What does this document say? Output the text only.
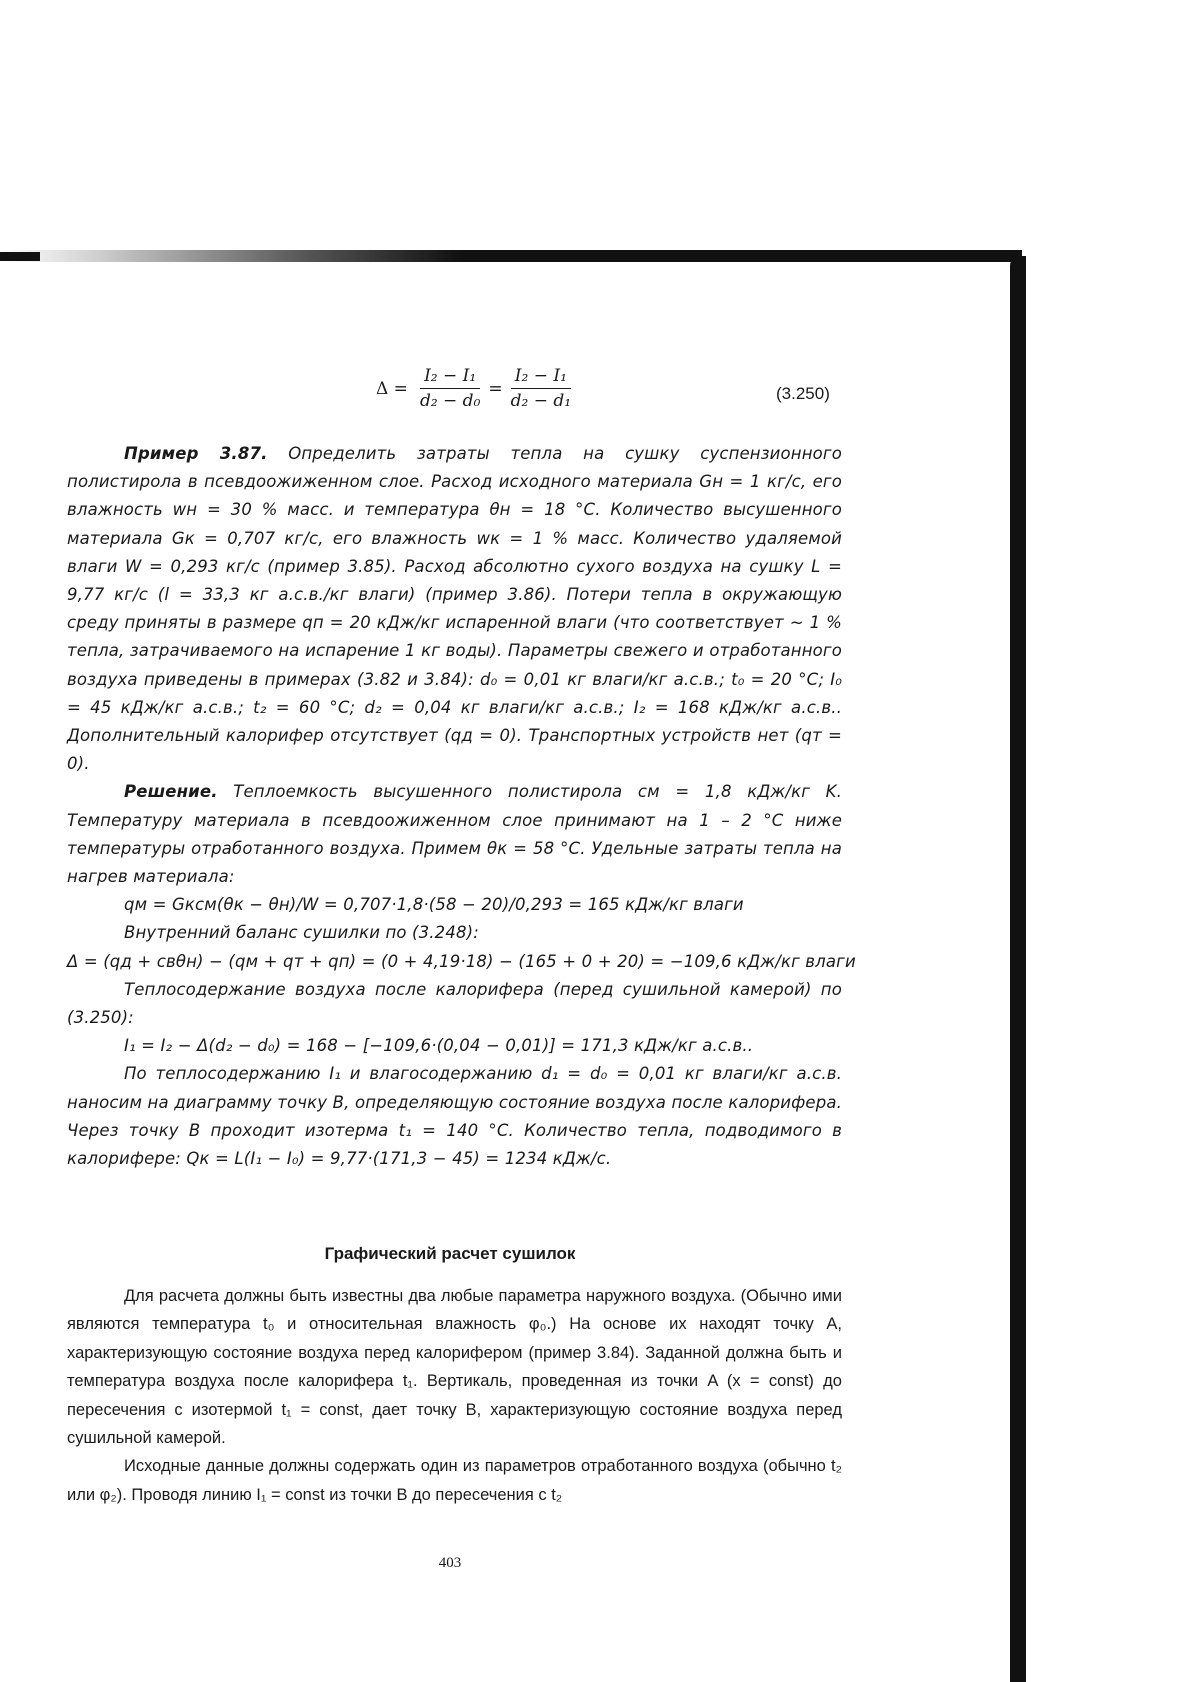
$\Delta = \frac{\text{I₂ − I₁}}{\text{d₂ − d₀}} = \frac{\text{I₂ − I₁}}{\text{d₂ − d₁}}$	(3.250)

Пример 3.87. Определить затраты тепла на сушку суспензионного полистирола в псевдоожиженном слое. Расход исходного материала Gн = 1 кг/с, его влажность wн = 30 % масс. и температура θн = 18 °С. Количество высушенного материала Gк = 0,707 кг/с, его влажность wк = 1 % масс. Количество удаляемой влаги W = 0,293 кг/с (пример 3.85). Расход абсолютно сухого воздуха на сушку L = 9,77 кг/с (l = 33,3 кг а.с.в./кг влаги) (пример 3.86). Потери тепла в окружающую среду приняты в размере qп = 20 кДж/кг испаренной влаги (что соответствует ~ 1 % тепла, затрачиваемого на испарение 1 кг воды). Параметры свежего и отработанного воздуха приведены в примерах (3.82 и 3.84): d₀ = 0,01 кг влаги/кг а.с.в.; t₀ = 20 °С; I₀ = 45 кДж/кг а.с.в.; t₂ = 60 °С; d₂ = 0,04 кг влаги/кг а.с.в.; I₂ = 168 кДж/кг а.с.в.. Дополнительный калорифер отсутствует (qд = 0). Транспортных устройств нет (qт = 0).

Решение. Теплоемкость высушенного полистирола cм = 1,8 кДж/кг K. Температуру материала в псевдоожиженном слое принимают на 1 – 2 °С ниже температуры отработанного воздуха. Примем θк = 58 °С. Удельные затраты тепла на нагрев материала:

qм = Gкcм(θк − θн)/W = 0,707·1,8·(58 − 20)/0,293 = 165 кДж/кг влаги

Внутренний баланс сушилки по (3.248):

Δ = (qд + cвθн) − (qм + qт + qп) = (0 + 4,19·18) − (165 + 0 + 20) = −109,6 кДж/кг влаги

Теплосодержание воздуха после калорифера (перед сушильной камерой) по (3.250):

I₁ = I₂ − Δ(d₂ − d₀) = 168 − [−109,6·(0,04 − 0,01)] = 171,3 кДж/кг а.с.в..

По теплосодержанию I₁ и влагосодержанию d₁ = d₀ = 0,01 кг влаги/кг а.с.в. наносим на диаграмму точку B, определяющую состояние воздуха после калорифера. Через точку B проходит изотерма t₁ = 140 °С. Количество тепла, подводимого в калорифере: Qк = L(I₁ − I₀) = 9,77·(171,3 − 45) = 1234 кДж/с.

Графический расчет сушилок

Для расчета должны быть известны два любые параметра наружного воздуха. (Обычно ими являются температура t₀ и относительная влажность φ₀.) На основе их находят точку A, характеризующую состояние воздуха перед калорифером (пример 3.84). Заданной должна быть и температура воздуха после калорифера t₁. Вертикаль, проведенная из точки A (x = const) до пересечения с изотермой t₁ = const, дает точку B, характеризующую состояние воздуха перед сушильной камерой.

Исходные данные должны содержать один из параметров отработанного воздуха (обычно t₂ или φ₂). Проводя линию I₁ = const из точки B до пересечения с t₂

403
